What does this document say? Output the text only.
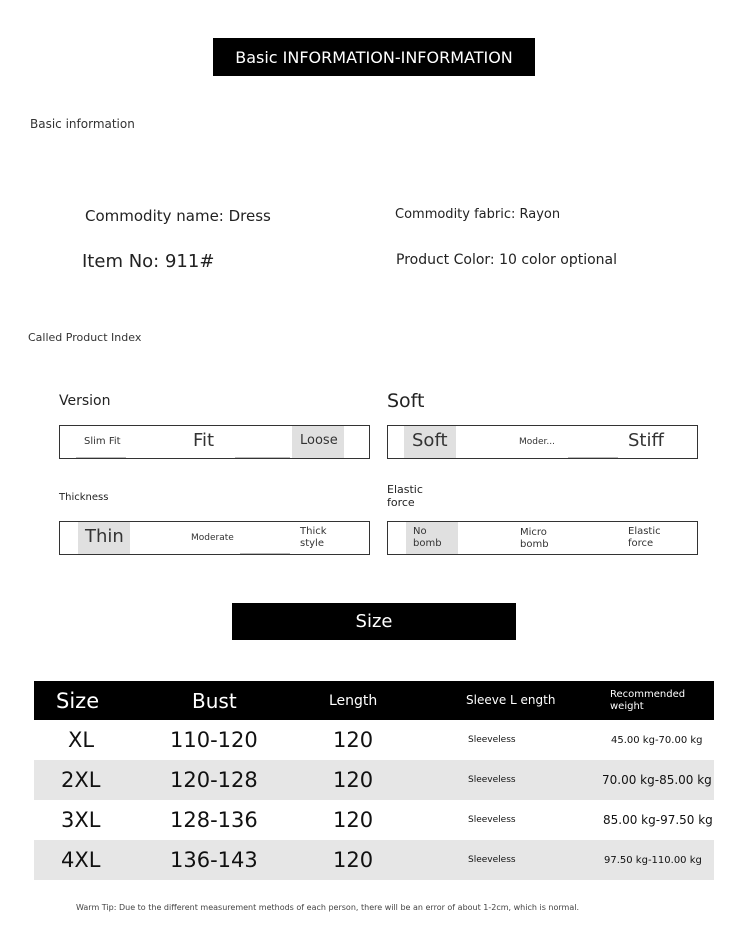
Basic INFORMATION-INFORMATION
Basic information
Commodity name: Dress	Commodity fabric: Rayon
Item No: 911#	Product Color: 10 color optional
Called Product Index
Version
Slim Fit	Fit	Loose
Soft
Soft	Moder...	Stiff
Thickness
Thin	Moderate
Thick style
Elastic force
No bomb
Micro bomb
Elastic force
Size
Size	Bust	Length	Sleeve L ength	Recommended weight
XL	110-120	120	Sleeveless	45.00 kg-70.00 kg
2XL	120-128	120	Sleeveless	70.00 kg-85.00 kg
3XL	128-136	120	Sleeveless	85.00 kg-97.50 kg
4XL	136-143	120	Sleeveless	97.50 kg-110.00 kg
Warm Tip: Due to the different measurement methods of each person, there will be an error of about 1-2cm, which is normal.
